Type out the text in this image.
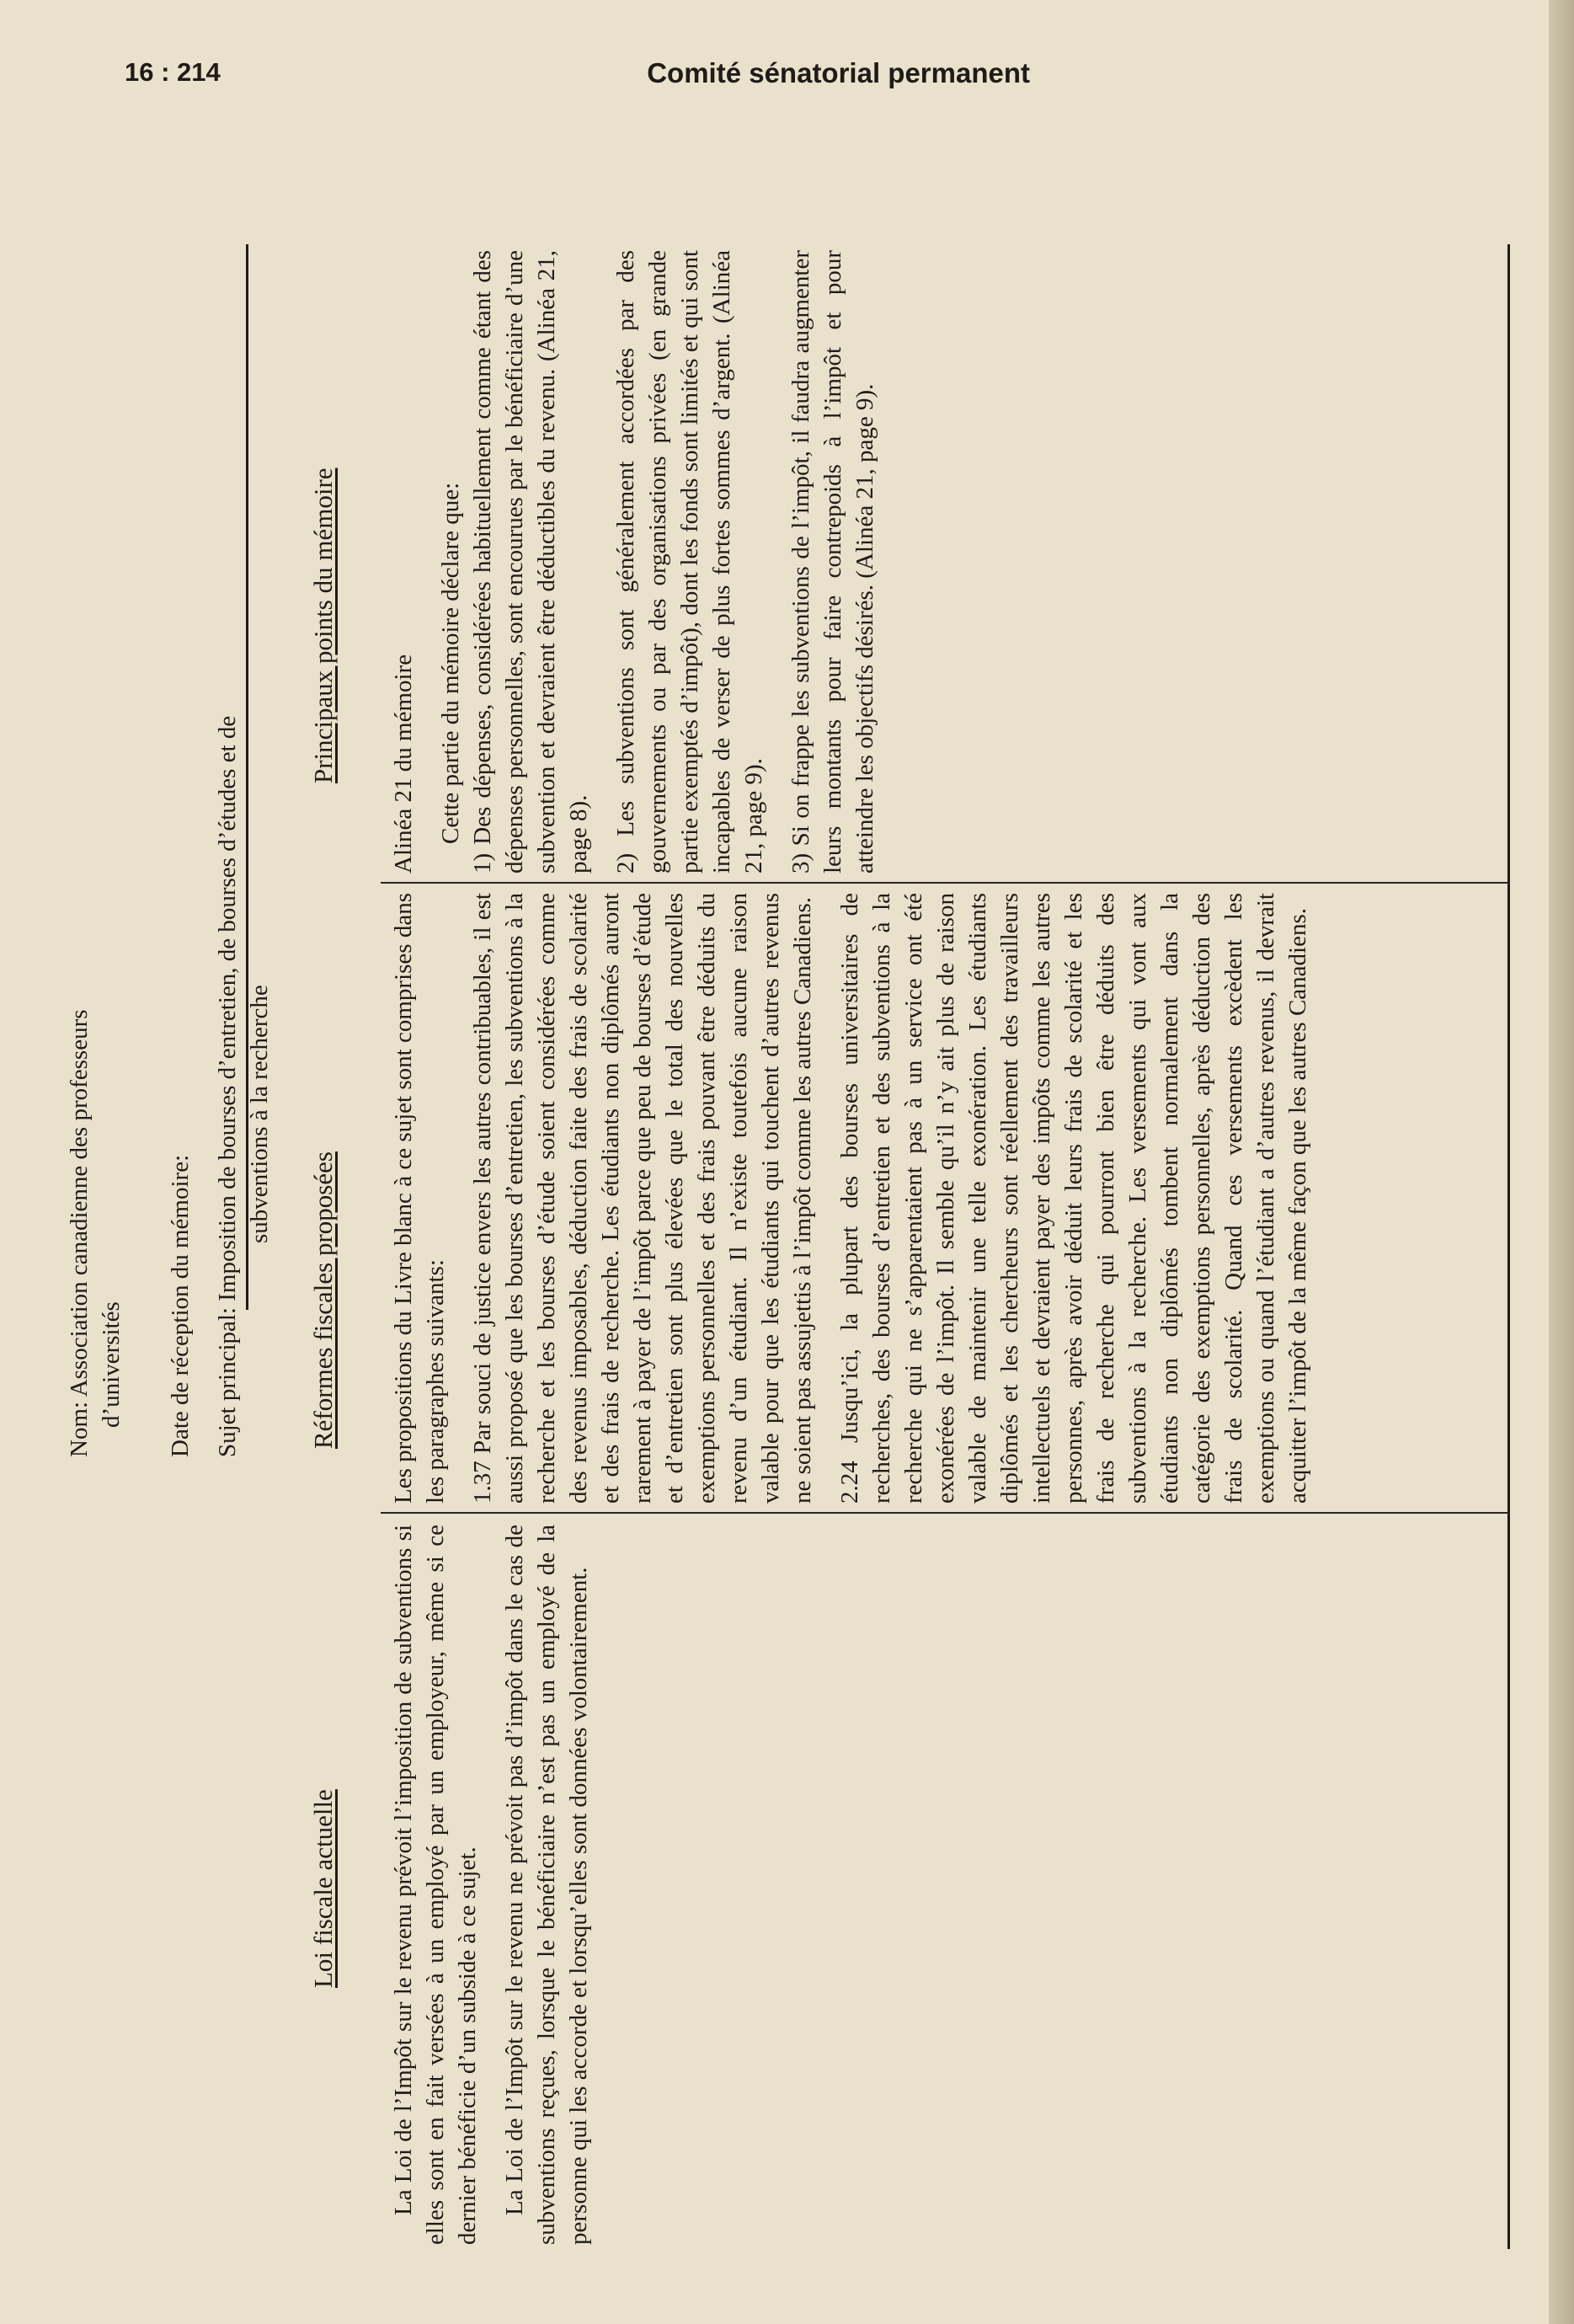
16 : 214	Comité sénatorial permanent
Nom: Association canadienne des professeurs d’universités Date de réception du mémoire: Sujet principal: Imposition de bourses d’entretien, de bourses d’études et de subventions à la recherche
Loi fiscale actuelle
Réformes fiscales proposées
Principaux points du mémoire

La Loi de l’Impôt sur le revenu prévoit l’imposition de subventions si elles sont en fait versées à un employé par un employeur, même si ce dernier bénéficie d’un subside à ce sujet. La Loi de l’Impôt sur le revenu ne prévoit pas d’impôt dans le cas de subventions reçues, lorsque le bénéficiaire n’est pas un employé de la personne qui les accorde et lorsqu’elles sont données volontairement.

Les propositions du Livre blanc à ce sujet sont comprises dans les paragraphes suivants: 1.37 Par souci de justice envers les autres contribuables, il est aussi proposé que les bourses d’entretien, les subventions à la recherche et les bourses d’étude soient considérées comme des revenus imposables, déduction faite des frais de scolarité et des frais de recherche. Les étudiants non diplômés auront rarement à payer de l’impôt parce que peu de bourses d’étude et d’entretien sont plus élevées que le total des nouvelles exemptions personnelles et des frais pouvant être déduits du revenu d’un étudiant. Il n’existe toutefois aucune raison valable pour que les étudiants qui touchent d’autres revenus ne soient pas assujettis à l’impôt comme les autres Canadiens. 2.24 Jusqu’ici, la plupart des bourses universitaires de recherches, des bourses d’entretien et des subventions à la recherche qui ne s’apparentaient pas à un service ont été exonérées de l’impôt. Il semble qu’il n’y ait plus de raison valable de maintenir une telle exonération. Les étudiants diplômés et les chercheurs sont réellement des travailleurs intellectuels et devraient payer des impôts comme les autres personnes, après avoir déduit leurs frais de scolarité et les frais de recherche qui pourront bien être déduits des subventions à la recherche. Les versements qui vont aux étudiants non diplômés tombent normalement dans la catégorie des exemptions personnelles, après déduction des frais de scolarité. Quand ces versements excèdent les exemptions ou quand l’étudiant a d’autres revenus, il devrait acquitter l’impôt de la même façon que les autres Canadiens.

Alinéa 21 du mémoire Cette partie du mémoire déclare que: 1) Des dépenses, considérées habituellement comme étant des dépenses personnelles, sont encourues par le bénéficiaire d’une subvention et devraient être déductibles du revenu. (Alinéa 21, page 8). 2) Les subventions sont généralement accordées par des gouvernements ou par des organisations privées (en grande partie exemptés d’impôt), dont les fonds sont limités et qui sont incapables de verser de plus fortes sommes d’argent. (Alinéa 21, page 9). 3) Si on frappe les subventions de l’impôt, il faudra augmenter leurs montants pour faire contrepoids à l’impôt et pour atteindre les objectifs désirés. (Alinéa 21, page 9).
